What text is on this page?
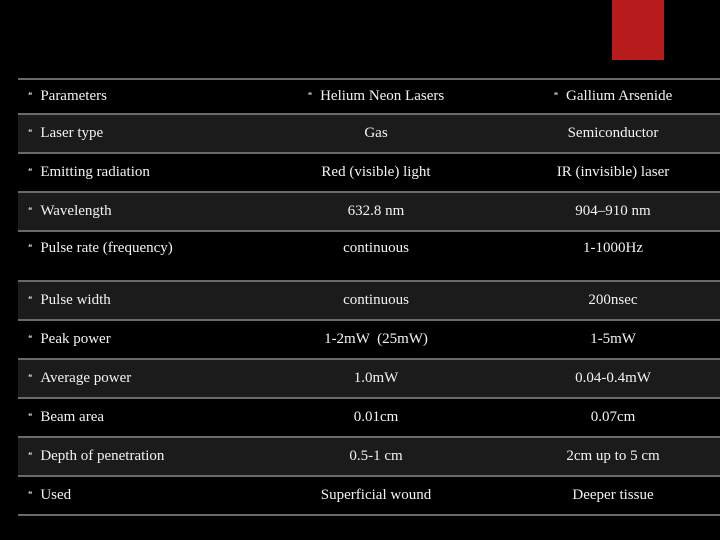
❝ Parameters	❝ Helium Neon Lasers	❝ Gallium Arsenide
❝ Laser type	Gas	Semiconductor
❝ Emitting radiation	Red (visible) light	IR (invisible) laser
❝ Wavelength	632.8 nm	904–910 nm
❝ Pulse rate (frequency)	continuous	1-1000Hz
❝ Pulse width	continuous	200nsec
❝ Peak power	1-2mW  (25mW)	1-5mW
❝ Average power	1.0mW	0.04-0.4mW
❝ Beam area	0.01cm	0.07cm
❝ Depth of penetration	0.5-1 cm	2cm up to 5 cm
❝ Used	Superficial wound	Deeper tissue
